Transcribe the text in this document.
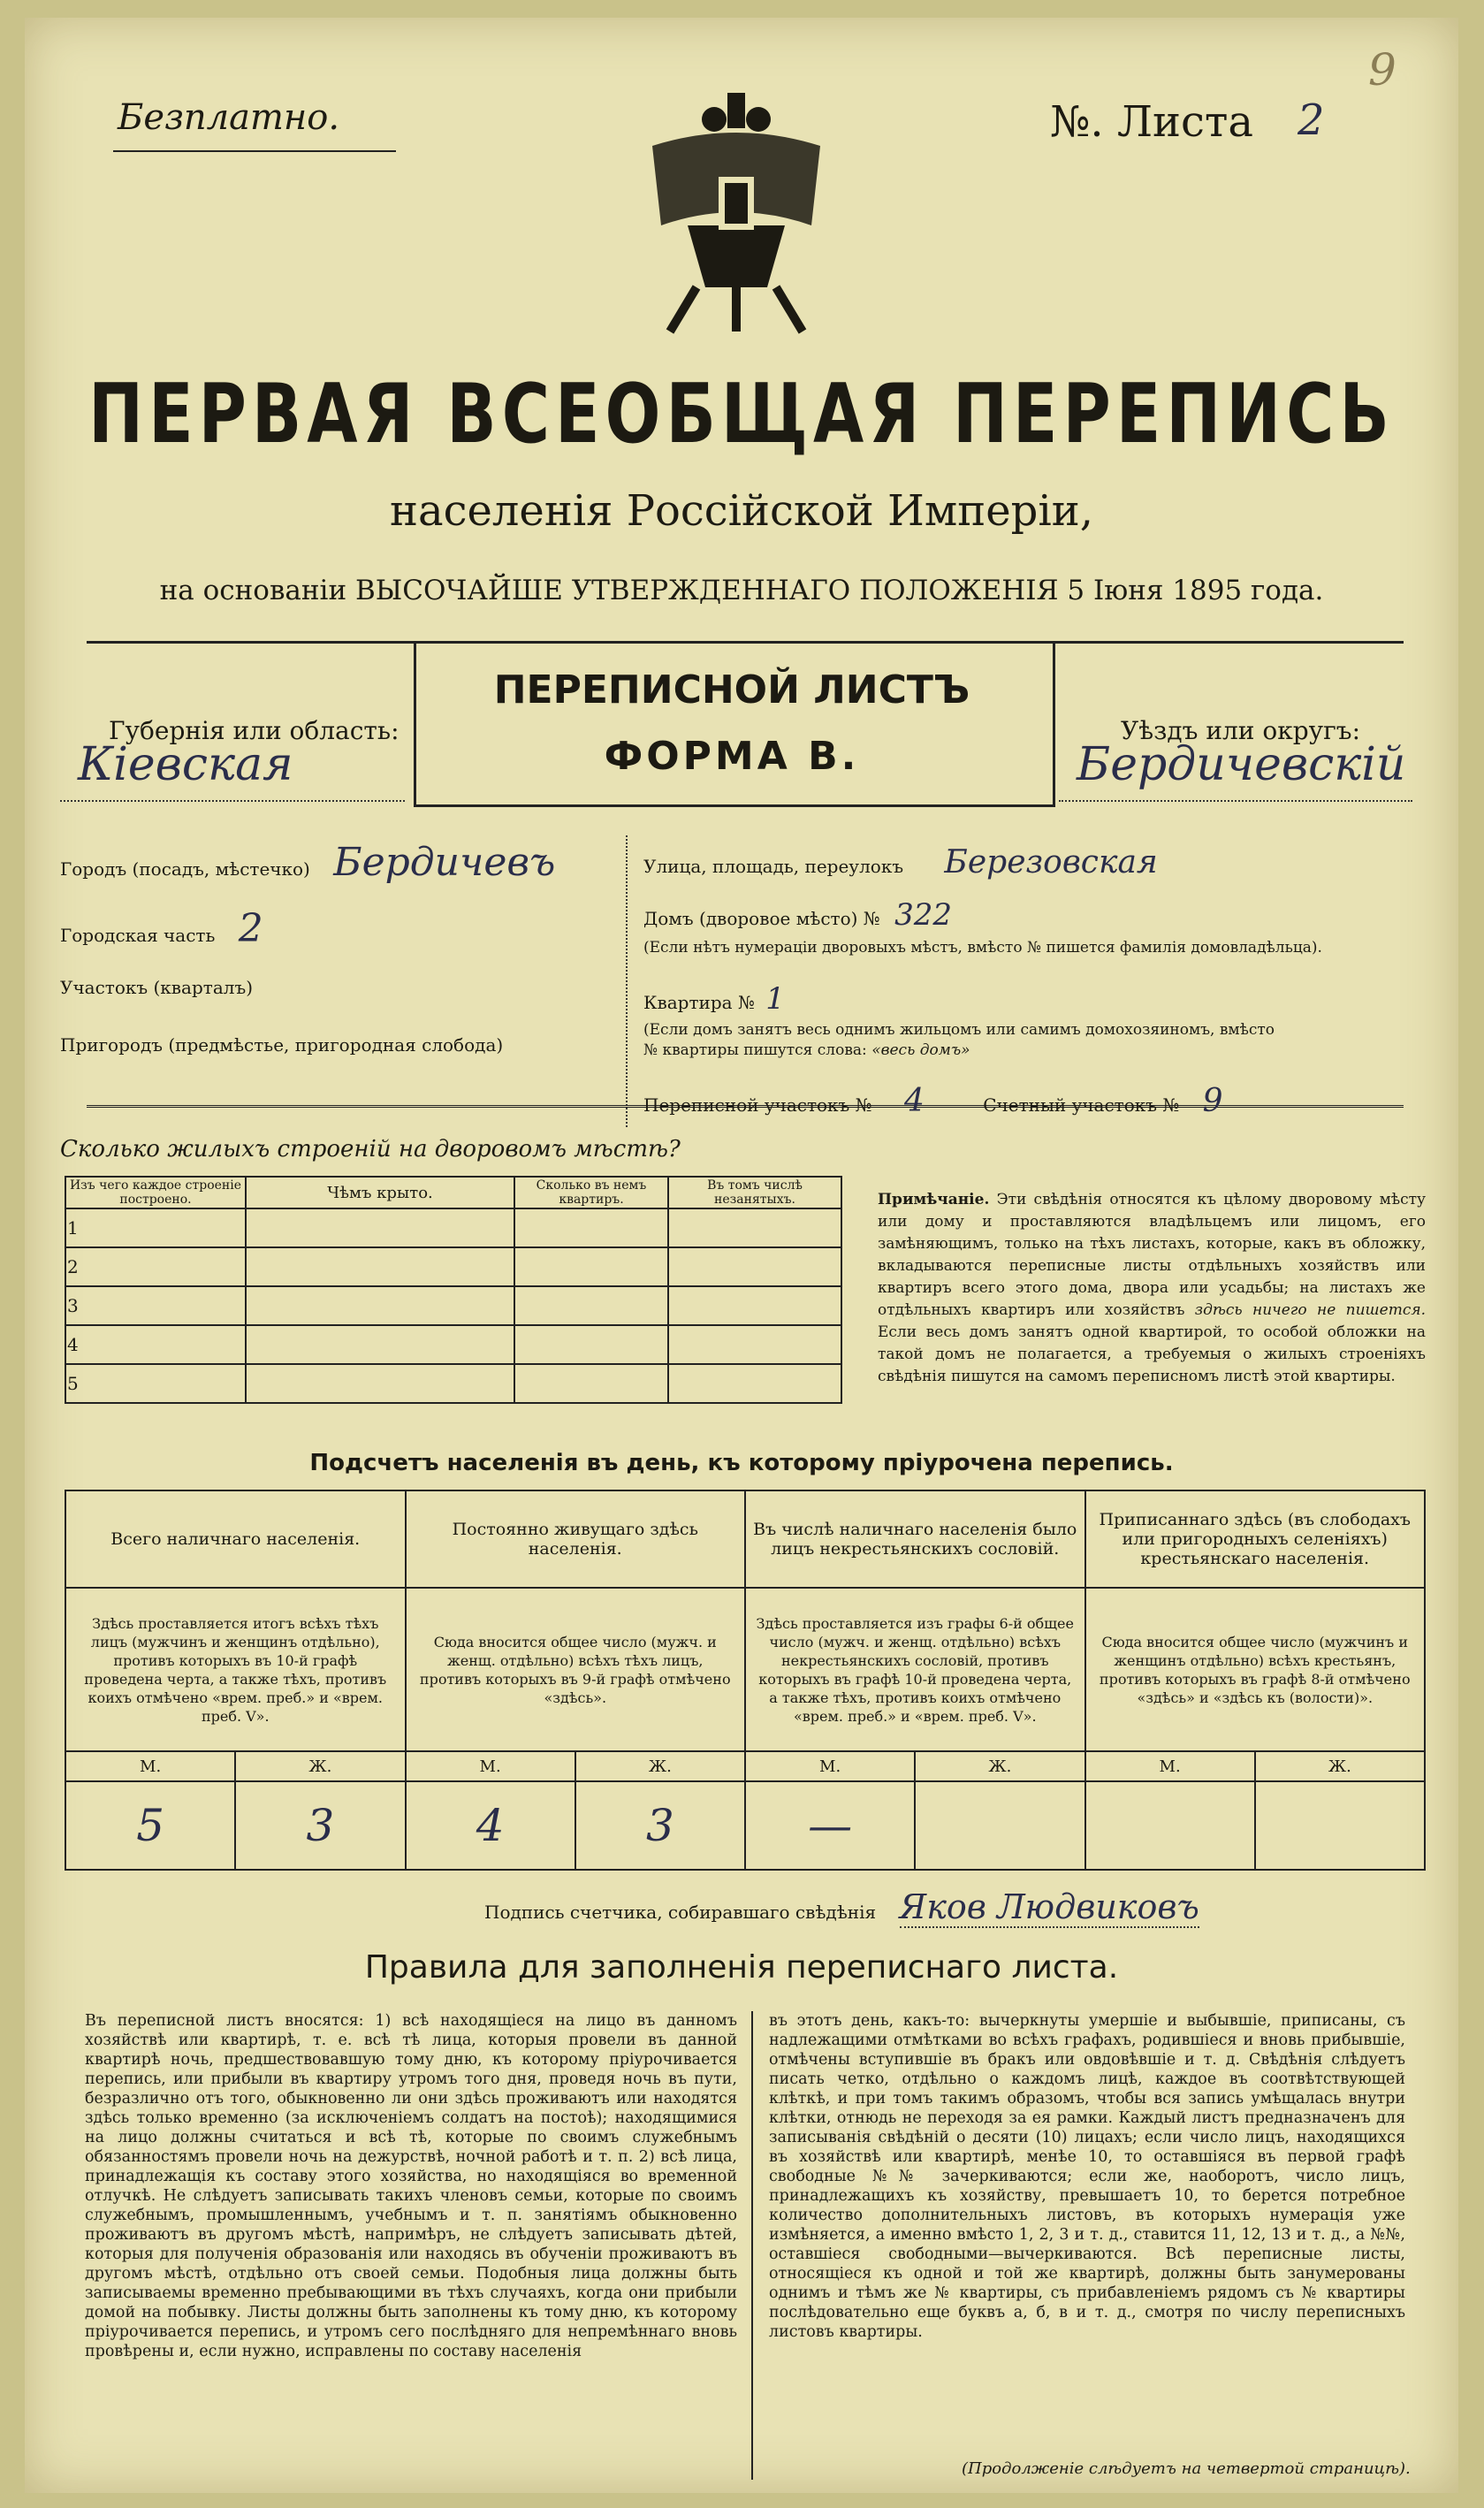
Безплатно.	№. Листа 2
9
ПЕРВАЯ ВСЕОБЩАЯ ПЕРЕПИСЬ
населенія Россійской Имперіи,
на основаніи ВЫСОЧАЙШЕ УТВЕРЖДЕННАГО ПОЛОЖЕНІЯ 5 Іюня 1895 года.
ПЕРЕПИСНОЙ ЛИСТЪ
ФОРМА В.
Губернія или область:
Кіевская
Уѣздъ или округъ:
Бердичевскій
Городъ (посадъ, мѣстечко) Бердичевъ
Городская часть 2
Участокъ (кварталъ)
Пригородъ (предмѣстье, пригородная слобода)
Улица, площадь, переулокъ Березовская
Домъ (дворовое мѣсто) № 322
(Если нѣтъ нумераціи дворовыхъ мѣстъ, вмѣсто № пишется фамилія домовладѣльца).
Квартира № 1
(Если домъ занятъ весь однимъ жильцомъ или самимъ домохозяиномъ, вмѣсто
№ квартиры пишутся слова: «весь домъ»
Переписной участокъ № 4	Счетный участокъ № 9
Сколько жилыхъ строеній на дворовомъ мѣстѣ?
Изъ чего каждое строеніе построено.	Чѣмъ крыто.	Сколько въ немъ квартиръ.	Въ томъ числѣ незанятыхъ.
1			
2			
3			
4			
5			
Примѣчаніе. Эти свѣдѣнія относятся къ цѣлому дворовому мѣсту или дому и проставляются владѣльцемъ или лицомъ, его замѣняющимъ, только на тѣхъ листахъ, которые, какъ въ обложку, вкладываются переписные листы отдѣльныхъ хозяйствъ или квартиръ всего этого дома, двора или усадьбы; на листахъ же отдѣльныхъ квартиръ или хозяйствъ здѣсь ничего не пишется. Если весь домъ занятъ одной квартирой, то особой обложки на такой домъ не полагается, а требуемыя о жилыхъ строеніяхъ свѣдѣнія пишутся на самомъ переписномъ листѣ этой квартиры.
Подсчетъ населенія въ день, къ которому пріурочена перепись.
Всего наличнаго населенія.		Постоянно живущаго здѣсь населенія.		Въ числѣ наличнаго населенія было лицъ некрестьянскихъ сословій.		Приписаннаго здѣсь (въ слободахъ или пригородныхъ селеніяхъ) крестьянскаго населенія.	
Здѣсь проставляется итогъ всѣхъ тѣхъ лицъ (мужчинъ и женщинъ отдѣльно), противъ которыхъ въ 10-й графѣ проведена черта, а также тѣхъ, противъ коихъ отмѣчено «врем. преб.» и «врем. преб. V».		Сюда вносится общее число (мужч. и женщ. отдѣльно) всѣхъ тѣхъ лицъ, противъ которыхъ въ 9-й графѣ отмѣчено «здѣсь».		Здѣсь проставляется изъ графы 6-й общее число (мужч. и женщ. отдѣльно) всѣхъ некрестьянскихъ сословій, противъ которыхъ въ графѣ 10-й проведена черта, а также тѣхъ, противъ коихъ отмѣчено «врем. преб.» и «врем. преб. V».		Сюда вносится общее число (мужчинъ и женщинъ отдѣльно) всѣхъ крестьянъ, противъ которыхъ въ графѣ 8-й отмѣчено «здѣсь» и «здѣсь къ (волости)».	
М.	Ж.	М.	Ж.	М.	Ж.	М.	Ж.
5	3	4	3	—			
Подпись счетчика, собиравшаго свѣдѣнія Яков Людвиковъ
Правила для заполненія переписнаго листа.
Въ переписной листъ вносятся: 1) всѣ находящіеся на лицо въ данномъ хозяйствѣ или квартирѣ, т. е. всѣ тѣ лица, которыя провели въ данной квартирѣ ночь, предшествовавшую тому дню, къ которому пріурочивается перепись, или прибыли въ квартиру утромъ того дня, проведя ночь въ пути, безразлично отъ того, обыкновенно ли они здѣсь проживаютъ или находятся здѣсь только временно (за исключеніемъ солдатъ на постоѣ); находящимися на лицо должны считаться и всѣ тѣ, которые по своимъ служебнымъ обязанностямъ провели ночь на дежурствѣ, ночной работѣ и т. п. 2) всѣ лица, принадлежащія къ составу этого хозяйства, но находящіяся во временной отлучкѣ. Не слѣдуетъ записывать такихъ членовъ семьи, которые по своимъ служебнымъ, промышленнымъ, учебнымъ и т. п. занятіямъ обыкновенно проживаютъ въ другомъ мѣстѣ, напримѣръ, не слѣдуетъ записывать дѣтей, которыя для полученія образованія или находясь въ обученіи проживаютъ въ другомъ мѣстѣ, отдѣльно отъ своей семьи. Подобныя лица должны быть записываемы временно пребывающими въ тѣхъ случаяхъ, когда они прибыли домой на побывку. Листы должны быть заполнены къ тому дню, къ которому пріурочивается перепись, и утромъ сего послѣдняго для непремѣннаго вновь провѣрены и, если нужно, исправлены по составу населенія
въ этотъ день, какъ-то: вычеркнуты умершіе и выбывшіе, приписаны, съ надлежащими отмѣтками во всѣхъ графахъ, родившіеся и вновь прибывшіе, отмѣчены вступившіе въ бракъ или овдовѣвшіе и т. д. Свѣдѣнія слѣдуетъ писать четко, отдѣльно о каждомъ лицѣ, каждое въ соотвѣтствующей клѣткѣ, и при томъ такимъ образомъ, чтобы вся запись умѣщалась внутри клѣтки, отнюдь не переходя за ея рамки. Каждый листъ предназначенъ для записыванія свѣдѣній о десяти (10) лицахъ; если число лицъ, находящихся въ хозяйствѣ или квартирѣ, менѣе 10, то оставшіяся въ первой графѣ свободные №№ зачеркиваются; если же, наоборотъ, число лицъ, принадлежащихъ къ хозяйству, превышаетъ 10, то берется потребное количество дополнительныхъ листовъ, въ которыхъ нумерація уже измѣняется, а именно вмѣсто 1, 2, 3 и т. д., ставится 11, 12, 13 и т. д., а №№, оставшіеся свободными—вычеркиваются. Всѣ переписные листы, относящіеся къ одной и той же квартирѣ, должны быть занумерованы однимъ и тѣмъ же № квартиры, съ прибавленіемъ рядомъ съ № квартиры послѣдовательно еще буквъ а, б, в и т. д., смотря по числу переписныхъ листовъ квартиры.
(Продолженіе слѣдуетъ на четвертой страницѣ).
